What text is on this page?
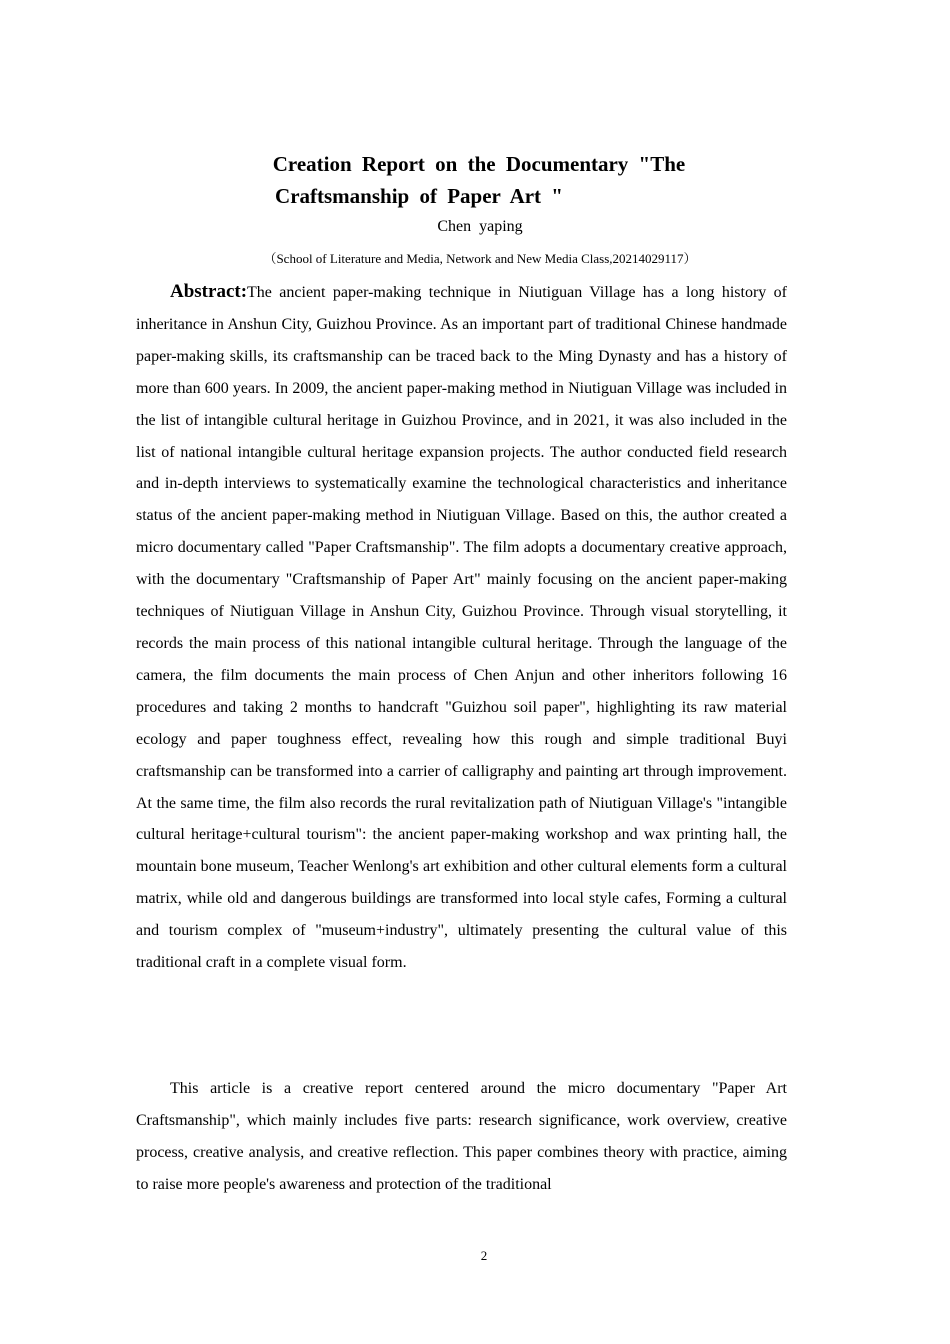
Creation Report on the Documentary "The
Craftsmanship of Paper Art "

Chen yaping

（School of Literature and Media, Network and New Media Class,20214029117）

Abstract:The ancient paper-making technique in Niutiguan Village has a long history of inheritance in Anshun City, Guizhou Province. As an important part of traditional Chinese handmade paper-making skills, its craftsmanship can be traced back to the Ming Dynasty and has a history of more than 600 years. In 2009, the ancient paper-making method in Niutiguan Village was included in the list of intangible cultural heritage in Guizhou Province, and in 2021, it was also included in the list of national intangible cultural heritage expansion projects. The author conducted field research and in-depth interviews to systematically examine the technological characteristics and inheritance status of the ancient paper-making method in Niutiguan Village. Based on this, the author created a micro documentary called "Paper Craftsmanship". The film adopts a documentary creative approach, with the documentary "Craftsmanship of Paper Art" mainly focusing on the ancient paper-making techniques of Niutiguan Village in Anshun City, Guizhou Province. Through visual storytelling, it records the main process of this national intangible cultural heritage. Through the language of the camera, the film documents the main process of Chen Anjun and other inheritors following 16 procedures and taking 2 months to handcraft "Guizhou soil paper", highlighting its raw material ecology and paper toughness effect, revealing how this rough and simple traditional Buyi craftsmanship can be transformed into a carrier of calligraphy and painting art through improvement. At the same time, the film also records the rural revitalization path of Niutiguan Village's "intangible cultural heritage+cultural tourism": the ancient paper-making workshop and wax printing hall, the mountain bone museum, Teacher Wenlong's art exhibition and other cultural elements form a cultural matrix, while old and dangerous buildings are transformed into local style cafes, Forming a cultural and tourism complex of "museum+industry", ultimately presenting the cultural value of this traditional craft in a complete visual form.

This article is a creative report centered around the micro documentary "Paper Art Craftsmanship", which mainly includes five parts: research significance, work overview, creative process, creative analysis, and creative reflection. This paper combines theory with practice, aiming to raise more people's awareness and protection of the traditional

2
